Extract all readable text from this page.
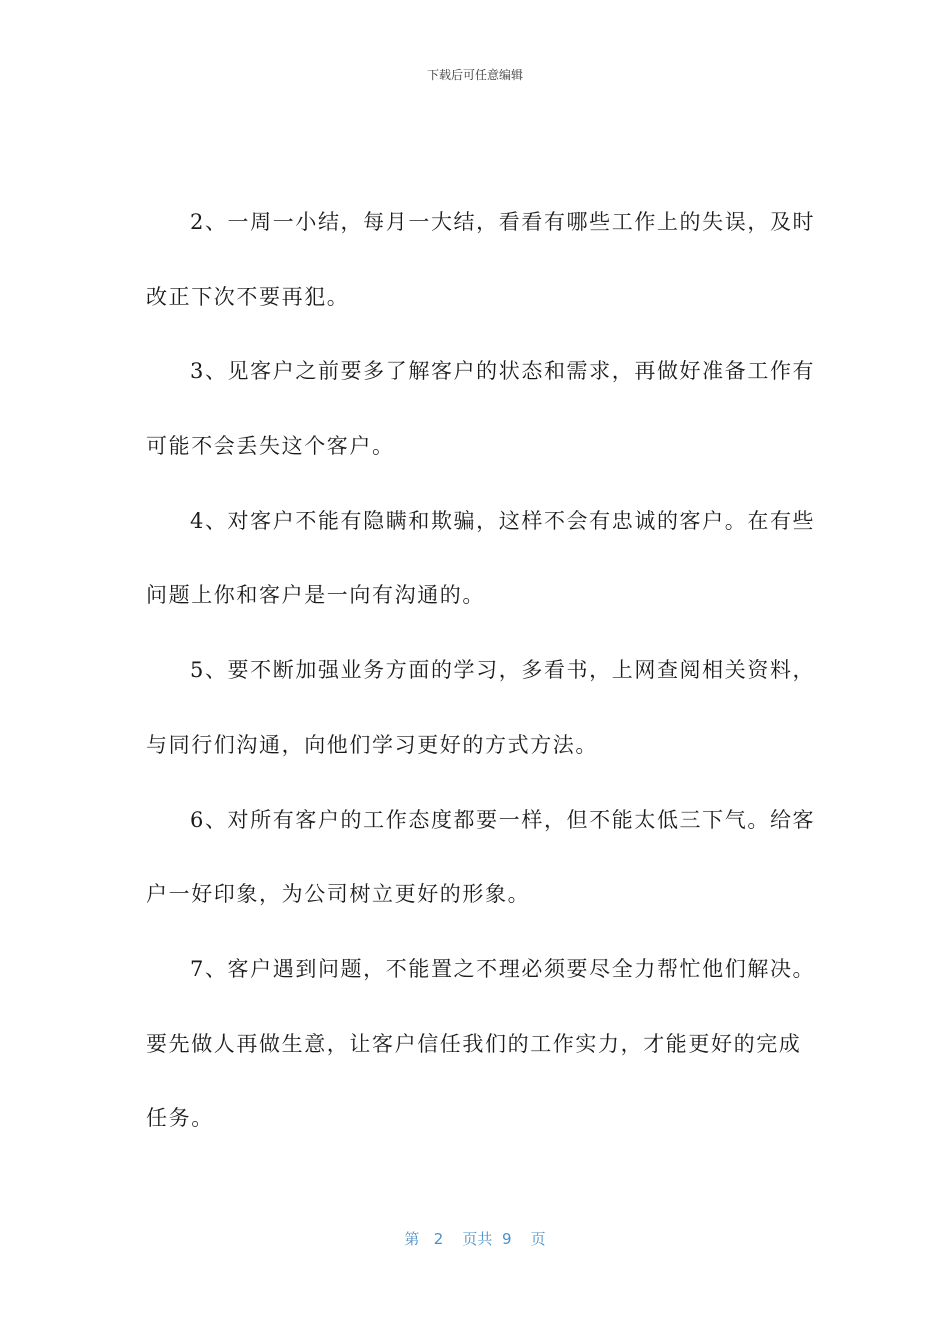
下载后可任意编辑
2、一周一小结，每月一大结，看看有哪些工作上的失误，及时
改正下次不要再犯。
3、见客户之前要多了解客户的状态和需求，再做好准备工作有
可能不会丢失这个客户。
4、对客户不能有隐瞒和欺骗，这样不会有忠诚的客户。在有些
问题上你和客户是一向有沟通的。
5、要不断加强业务方面的学习，多看书，上网查阅相关资料，
与同行们沟通，向他们学习更好的方式方法。
6、对所有客户的工作态度都要一样，但不能太低三下气。给客
户一好印象，为公司树立更好的形象。
7、客户遇到问题，不能置之不理必须要尽全力帮忙他们解决。
要先做人再做生意，让客户信任我们的工作实力，才能更好的完成
任务。
第 2 页共 9 页
